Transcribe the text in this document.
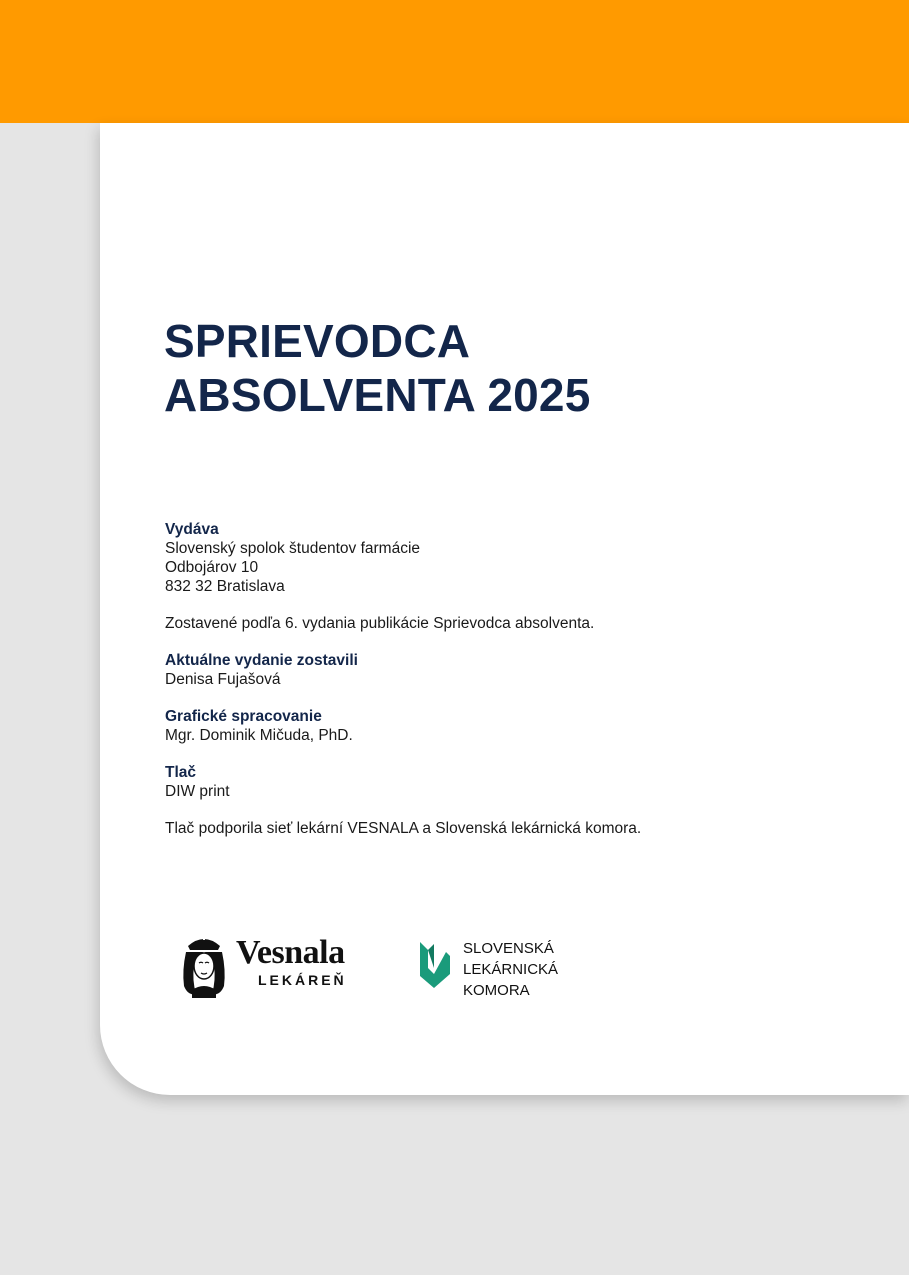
SPRIEVODCA
ABSOLVENTA 2025
Vydáva
Slovenský spolok študentov farmácie
Odbojárov 10
832 32 Bratislava
Zostavené podľa 6. vydania publikácie Sprievodca absolventa.
Aktuálne vydanie zostavili
Denisa Fujašová
Grafické spracovanie
Mgr. Dominik Mičuda, PhD.
Tlač
DIW print
Tlač podporila sieť lekární VESNALA a Slovenská lekárnická komora.
Vesnala
LEKÁREŇ
SLOVENSKÁ
LEKÁRNICKÁ
KOMORA
